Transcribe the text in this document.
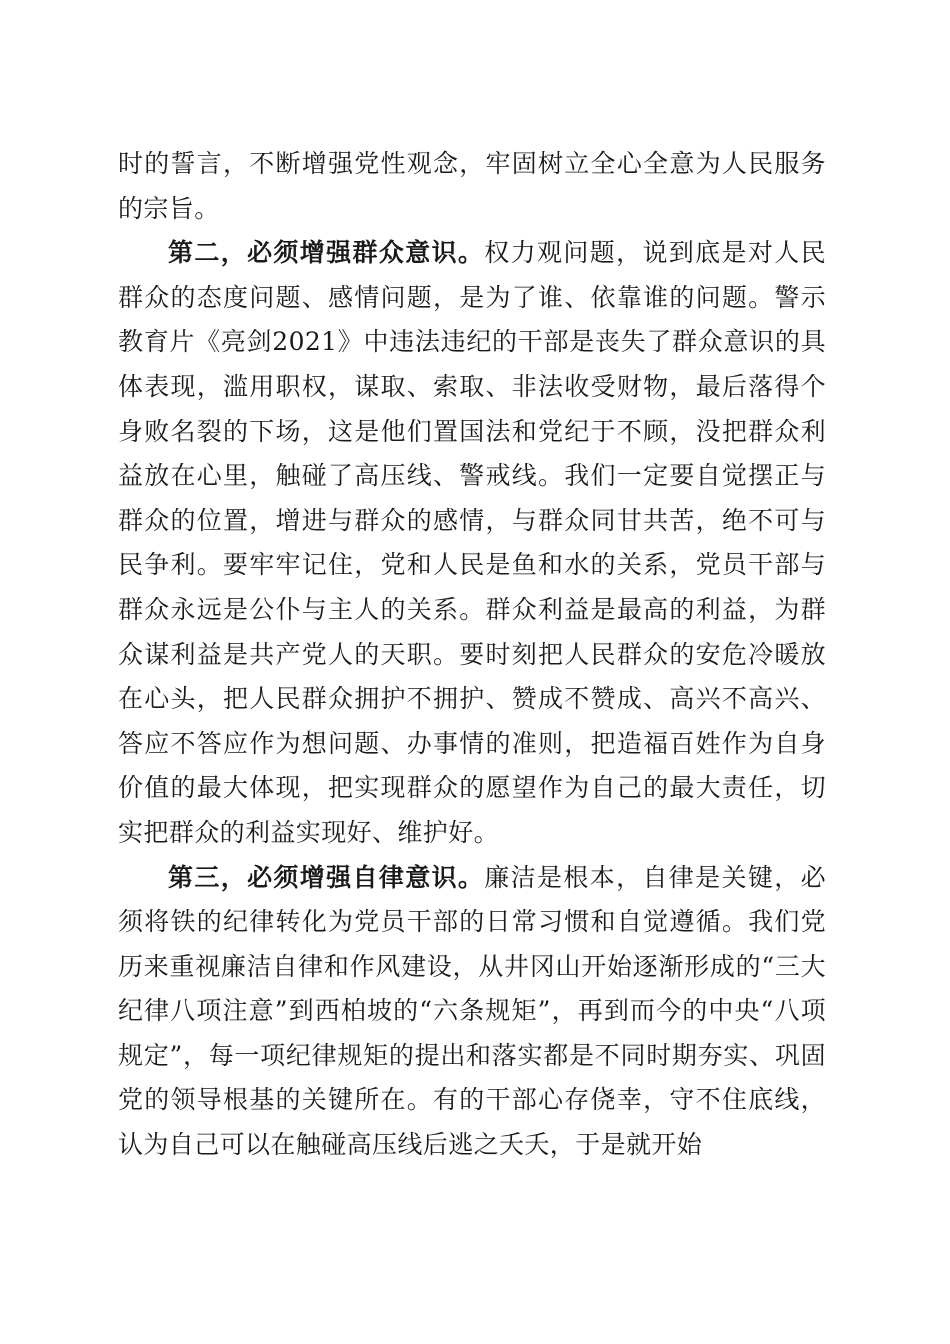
时的誓言，不断增强党性观念，牢固树立全心全意为人民服务的宗旨。

第二，必须增强群众意识。权力观问题，说到底是对人民群众的态度问题、感情问题，是为了谁、依靠谁的问题。警示教育片《亮剑2021》中违法违纪的干部是丧失了群众意识的具体表现，滥用职权，谋取、索取、非法收受财物，最后落得个身败名裂的下场，这是他们置国法和党纪于不顾，没把群众利益放在心里，触碰了高压线、警戒线。我们一定要自觉摆正与群众的位置，增进与群众的感情，与群众同甘共苦，绝不可与民争利。要牢牢记住，党和人民是鱼和水的关系，党员干部与群众永远是公仆与主人的关系。群众利益是最高的利益，为群众谋利益是共产党人的天职。要时刻把人民群众的安危冷暖放在心头，把人民群众拥护不拥护、赞成不赞成、高兴不高兴、答应不答应作为想问题、办事情的准则，把造福百姓作为自身价值的最大体现，把实现群众的愿望作为自己的最大责任，切实把群众的利益实现好、维护好。

第三，必须增强自律意识。廉洁是根本，自律是关键，必须将铁的纪律转化为党员干部的日常习惯和自觉遵循。我们党历来重视廉洁自律和作风建设，从井冈山开始逐渐形成的“三大纪律八项注意”到西柏坡的“六条规矩”，再到而今的中央“八项规定”，每一项纪律规矩的提出和落实都是不同时期夯实、巩固党的领导根基的关键所在。有的干部心存侥幸，守不住底线，认为自己可以在触碰高压线后逃之夭夭，于是就开始
